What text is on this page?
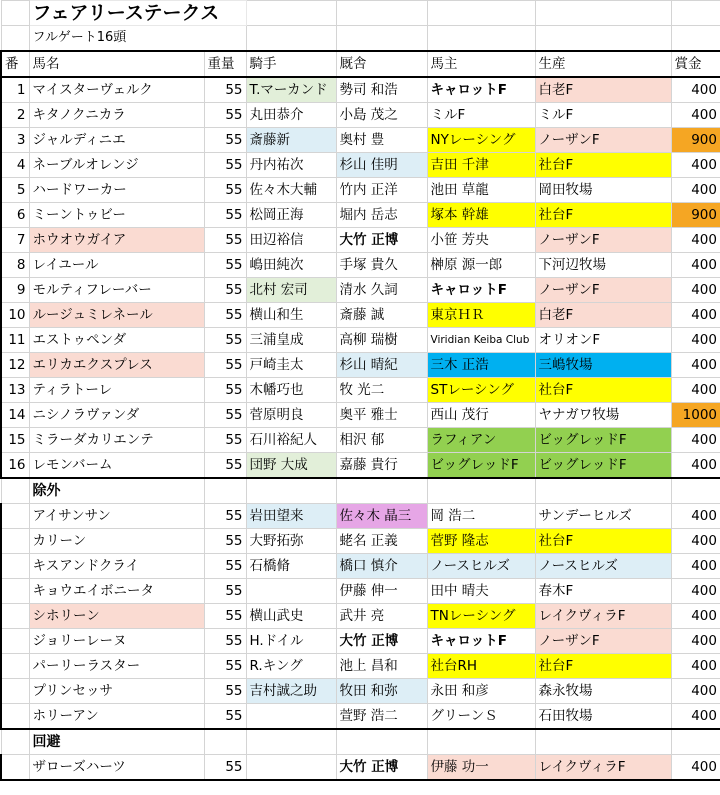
	フェアリーステークス						
	フルゲート16頭						
番	馬名	重量	騎手	厩舎	馬主	生産	賞金
1	マイスターヴェルク	55	T.マーカンド	勢司 和浩	キャロットF	白老F	400
2	キタノクニカラ	55	丸田恭介	小島 茂之	ミルF	ミルF	400
3	ジャルディニエ	55	斎藤新	奥村 豊	NYレーシング	ノーザンF	900
4	ネーブルオレンジ	55	丹内祐次	杉山 佳明	吉田 千津	社台F	400
5	ハードワーカー	55	佐々木大輔	竹内 正洋	池田 草龍	岡田牧場	400
6	ミーントゥビー	55	松岡正海	堀内 岳志	塚本 幹雄	社台F	900
7	ホウオウガイア	55	田辺裕信	大竹 正博	小笹 芳央	ノーザンF	400
8	レイユール	55	嶋田純次	手塚 貴久	榊原 源一郎	下河辺牧場	400
9	モルティフレーバー	55	北村 宏司	清水 久詞	キャロットF	ノーザンF	400
10	ルージュミレネール	55	横山和生	斎藤 誠	東京ＨＲ	白老F	400
11	エストゥペンダ	55	三浦皇成	高柳 瑞樹	Viridian Keiba Club	オリオンF	400
12	エリカエクスプレス	55	戸崎圭太	杉山 晴紀	三木 正浩	三嶋牧場	400
13	ティラトーレ	55	木幡巧也	牧 光二	STレーシング	社台F	400
14	ニシノラヴァンダ	55	菅原明良	奥平 雅士	西山 茂行	ヤナガワ牧場	1000
15	ミラーダカリエンテ	55	石川裕紀人	相沢 郁	ラフィアン	ビッグレッドF	400
16	レモンバーム	55	団野 大成	嘉藤 貴行	ビッグレッドF	ビッグレッドF	400
	除外						
	アイサンサン	55	岩田望来	佐々木 晶三	岡 浩二	サンデーヒルズ	400
	カリーン	55	大野拓弥	蛯名 正義	菅野 隆志	社台F	400
	キスアンドクライ	55	石橋脩	橋口 慎介	ノースヒルズ	ノースヒルズ	400
	キョウエイボニータ	55		伊藤 伸一	田中 晴夫	春木F	400
	シホリーン	55	横山武史	武井 亮	TNレーシング	レイクヴィラF	400
	ジョリーレーヌ	55	H.ドイル	大竹 正博	キャロットF	ノーザンF	400
	パーリーラスター	55	R.キング	池上 昌和	社台RH	社台F	400
	プリンセッサ	55	吉村誠之助	牧田 和弥	永田 和彦	森永牧場	400
	ホリーアン	55		萱野 浩二	グリーンＳ	石田牧場	400
	回避						
	ザローズハーツ	55		大竹 正博	伊藤 功一	レイクヴィラF	400
